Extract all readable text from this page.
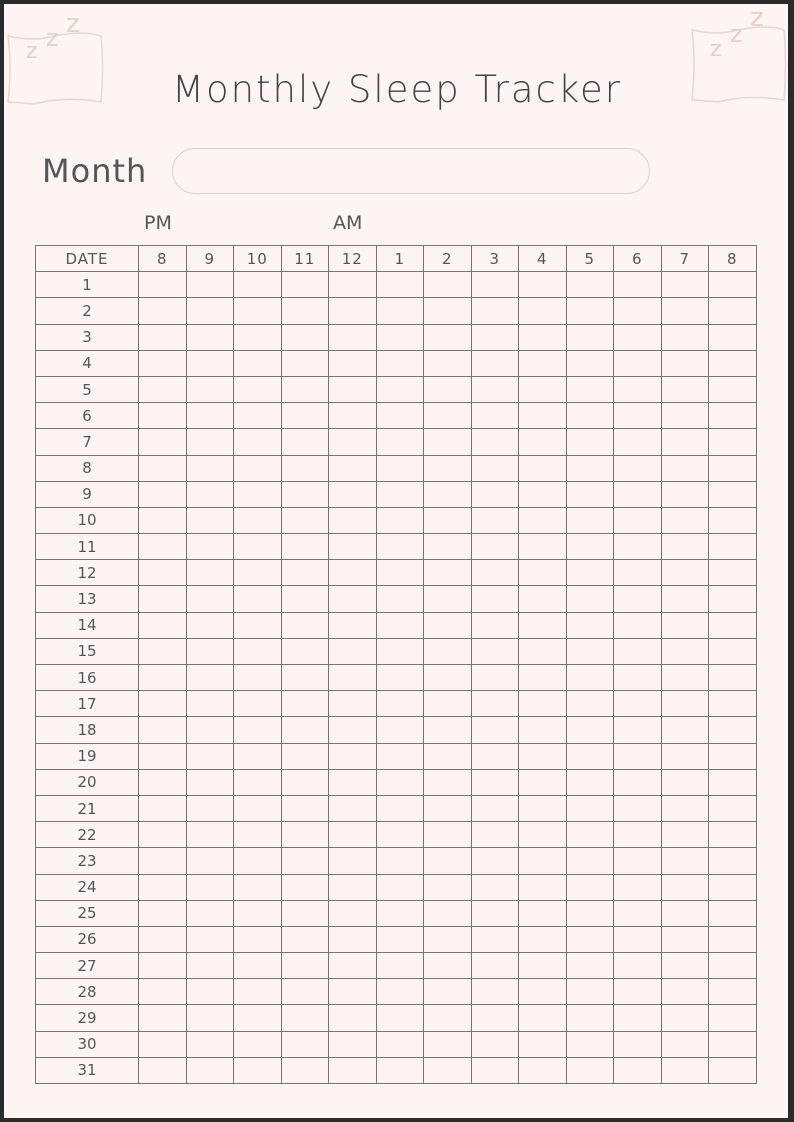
z z z
z
z
z
Monthly Sleep Tracker
Month
PM	AM
DATE	8	9	10	11	12	1	2	3	4	5	6	7	8
1													
2													
3													
4													
5													
6													
7													
8													
9													
10													
11													
12													
13													
14													
15													
16													
17													
18													
19													
20													
21													
22													
23													
24													
25													
26													
27													
28													
29													
30													
31													
